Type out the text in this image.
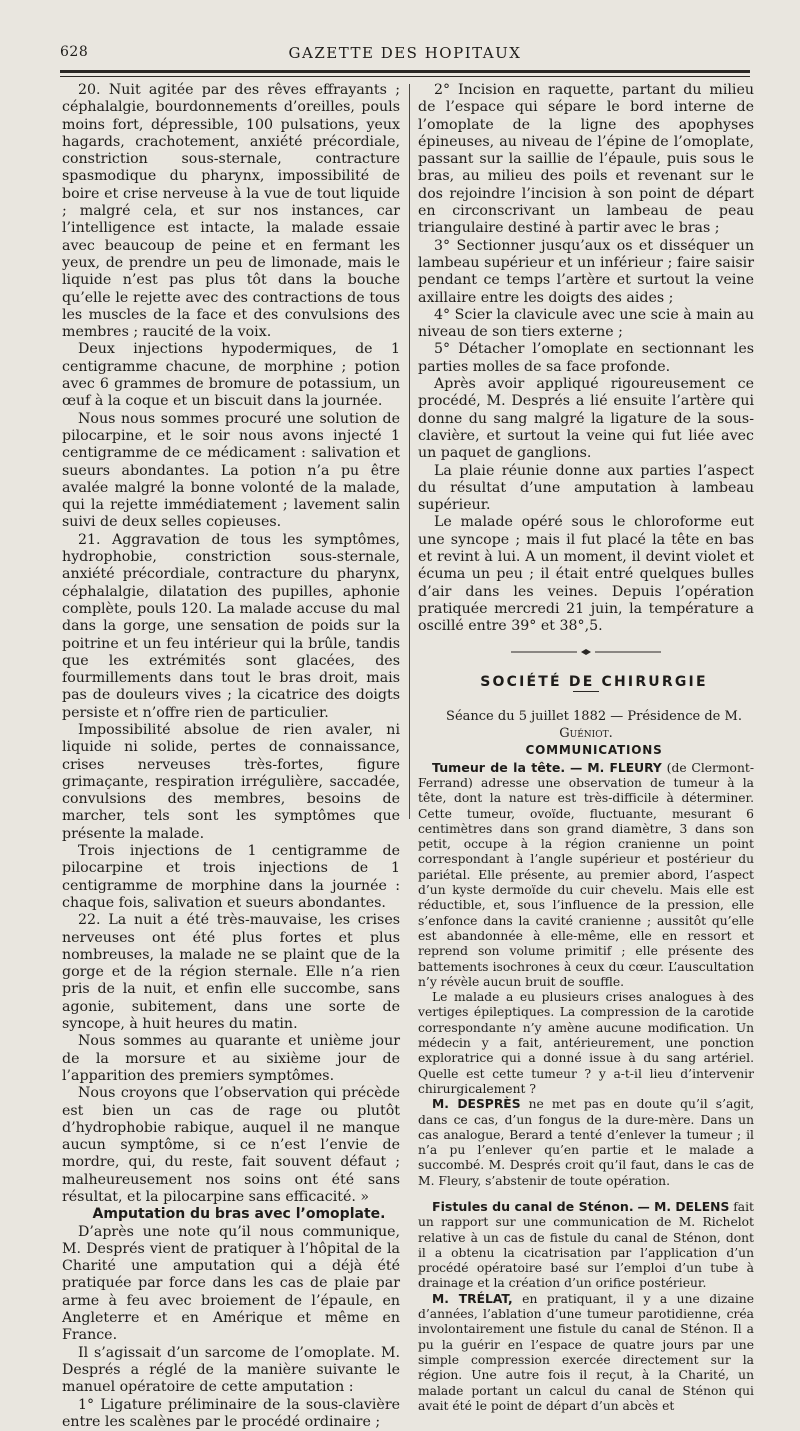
628	GAZETTE DES HOPITAUX

20. Nuit agitée par des rêves effrayants ; céphalalgie, bourdonnements d’oreilles, pouls moins fort, dépressible, 100 pulsations, yeux hagards, crachotement, anxiété précordiale, constriction sous-sternale, contracture spasmodique du pharynx, impossibilité de boire et crise nerveuse à la vue de tout liquide ; malgré cela, et sur nos instances, car l’intelligence est intacte, la malade essaie avec beaucoup de peine et en fermant les yeux, de prendre un peu de limonade, mais le liquide n’est pas plus tôt dans la bouche qu’elle le rejette avec des contractions de tous les muscles de la face et des convulsions des membres ; raucité de la voix.

Deux injections hypodermiques, de 1 centigramme chacune, de morphine ; potion avec 6 grammes de bromure de potassium, un œuf à la coque et un biscuit dans la journée.

Nous nous sommes procuré une solution de pilocarpine, et le soir nous avons injecté 1 centigramme de ce médicament : salivation et sueurs abondantes. La potion n’a pu être avalée malgré la bonne volonté de la malade, qui la rejette immédiatement ; lavement salin suivi de deux selles copieuses.

21. Aggravation de tous les symptômes, hydrophobie, constriction sous-sternale, anxiété précordiale, contracture du pharynx, céphalalgie, dilatation des pupilles, aphonie complète, pouls 120. La malade accuse du mal dans la gorge, une sensation de poids sur la poitrine et un feu intérieur qui la brûle, tandis que les extrémités sont glacées, des fourmillements dans tout le bras droit, mais pas de douleurs vives ; la cicatrice des doigts persiste et n’offre rien de particulier.

Impossibilité absolue de rien avaler, ni liquide ni solide, pertes de connaissance, crises nerveuses très-fortes, figure grimaçante, respiration irrégulière, saccadée, convulsions des membres, besoins de marcher, tels sont les symptômes que présente la malade.

Trois injections de 1 centigramme de pilocarpine et trois injections de 1 centigramme de morphine dans la journée : chaque fois, salivation et sueurs abondantes.

22. La nuit a été très-mauvaise, les crises nerveuses ont été plus fortes et plus nombreuses, la malade ne se plaint que de la gorge et de la région sternale. Elle n’a rien pris de la nuit, et enfin elle succombe, sans agonie, subitement, dans une sorte de syncope, à huit heures du matin.

Nous sommes au quarante et unième jour de la morsure et au sixième jour de l’apparition des premiers symptômes.

Nous croyons que l’observation qui précède est bien un cas de rage ou plutôt d’hydrophobie rabique, auquel il ne manque aucun symptôme, si ce n’est l’envie de mordre, qui, du reste, fait souvent défaut ; malheureusement nos soins ont été sans résultat, et la pilocarpine sans efficacité. »

Amputation du bras avec l’omoplate.

D’après une note qu’il nous communique, M. Després vient de pratiquer à l’hôpital de la Charité une amputation qui a déjà été pratiquée par force dans les cas de plaie par arme à feu avec broiement de l’épaule, en Angleterre et en Amérique et même en France.

Il s’agissait d’un sarcome de l’omoplate. M. Després a réglé de la manière suivante le manuel opératoire de cette amputation :

1° Ligature préliminaire de la sous-clavière entre les scalènes par le procédé ordinaire ;

2° Incision en raquette, partant du milieu de l’espace qui sépare le bord interne de l’omoplate de la ligne des apophyses épineuses, au niveau de l’épine de l’omoplate, passant sur la saillie de l’épaule, puis sous le bras, au milieu des poils et revenant sur le dos rejoindre l’incision à son point de départ en circonscrivant un lambeau de peau triangulaire destiné à partir avec le bras ;

3° Sectionner jusqu’aux os et disséquer un lambeau supérieur et un inférieur ; faire saisir pendant ce temps l’artère et surtout la veine axillaire entre les doigts des aides ;

4° Scier la clavicule avec une scie à main au niveau de son tiers externe ;

5° Détacher l’omoplate en sectionnant les parties molles de sa face profonde.

Après avoir appliqué rigoureusement ce procédé, M. Després a lié ensuite l’artère qui donne du sang malgré la ligature de la sous-clavière, et surtout la veine qui fut liée avec un paquet de ganglions.

La plaie réunie donne aux parties l’aspect du résultat d’une amputation à lambeau supérieur.

Le malade opéré sous le chloroforme eut une syncope ; mais il fut placé la tête en bas et revint à lui. A un moment, il devint violet et écuma un peu ; il était entré quelques bulles d’air dans les veines. Depuis l’opération pratiquée mercredi 21 juin, la température a oscillé entre 39° et 38°,5.

SOCIÉTÉ DE CHIRURGIE

Séance du 5 juillet 1882 — Présidence de M. Guéniot.

COMMUNICATIONS

Tumeur de la tête. — M. FLEURY (de Clermont-Ferrand) adresse une observation de tumeur à la tête, dont la nature est très-difficile à déterminer. Cette tumeur, ovoïde, fluctuante, mesurant 6 centimètres dans son grand diamètre, 3 dans son petit, occupe à la région cranienne un point correspondant à l’angle supérieur et postérieur du pariétal. Elle présente, au premier abord, l’aspect d’un kyste dermoïde du cuir chevelu. Mais elle est réductible, et, sous l’influence de la pression, elle s’enfonce dans la cavité cranienne ; aussitôt qu’elle est abandonnée à elle-même, elle en ressort et reprend son volume primitif ; elle présente des battements isochrones à ceux du cœur. L’auscultation n’y révèle aucun bruit de souffle.

Le malade a eu plusieurs crises analogues à des vertiges épileptiques. La compression de la carotide correspondante n’y amène aucune modification. Un médecin y a fait, antérieurement, une ponction exploratrice qui a donné issue à du sang artériel. Quelle est cette tumeur ? y a-t-il lieu d’intervenir chirurgicalement ?

M. DESPRÈS ne met pas en doute qu’il s’agit, dans ce cas, d’un fongus de la dure-mère. Dans un cas analogue, Berard a tenté d’enlever la tumeur ; il n’a pu l’enlever qu’en partie et le malade a succombé. M. Després croit qu’il faut, dans le cas de M. Fleury, s’abstenir de toute opération.

Fistules du canal de Sténon. — M. DELENS fait un rapport sur une communication de M. Richelot relative à un cas de fistule du canal de Sténon, dont il a obtenu la cicatrisation par l’application d’un procédé opératoire basé sur l’emploi d’un tube à drainage et la création d’un orifice postérieur.

M. TRÉLAT, en pratiquant, il y a une dizaine d’années, l’ablation d’une tumeur parotidienne, créa involontairement une fistule du canal de Sténon. Il a pu la guérir en l’espace de quatre jours par une simple compression exercée directement sur la région. Une autre fois il reçut, à la Charité, un malade portant un calcul du canal de Sténon qui avait été le point de départ d’un abcès et
